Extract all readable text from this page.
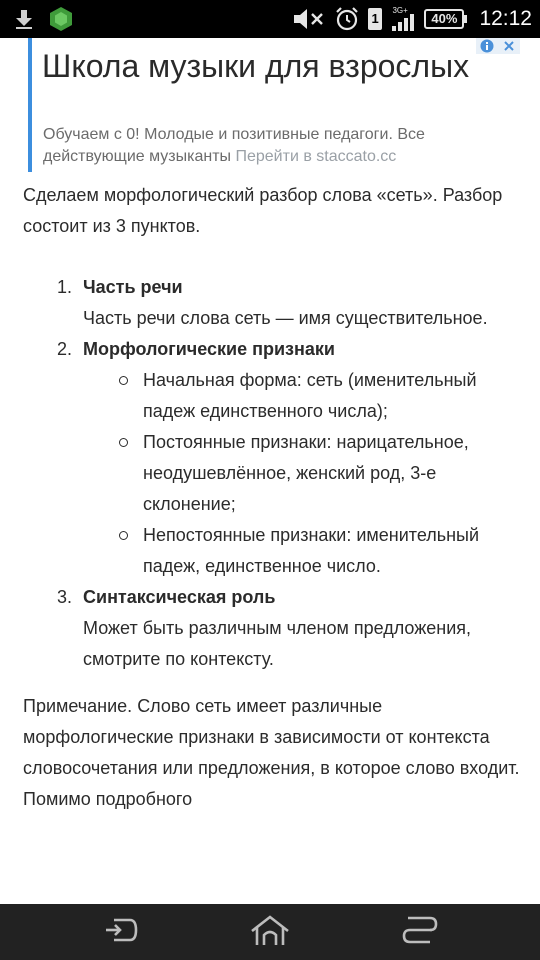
1
3G+
40%	12:12
Школа музыки для взрослых
Обучаем с 0! Молодые и позитивные педагоги. Все действующие музыканты Перейти в staccato.cc

Сделаем морфологический разбор слова «сеть». Разбор состоит из 3 пунктов.

1. Часть речи
Часть речи слова сеть — имя существительное.
2. Морфологические признаки
Начальная форма: сеть (именительный падеж единственного числа);
Постоянные признаки: нарицательное, неодушевлённое, женский род, 3-е склонение;
Непостоянные признаки: именительный падеж, единственное число.
3. Синтаксическая роль
Может быть различным членом предложения, смотрите по контексту.

Примечание. Слово сеть имеет различные морфологические признаки в зависимости от контекста словосочетания или предложения, в которое слово входит. Помимо подробного
